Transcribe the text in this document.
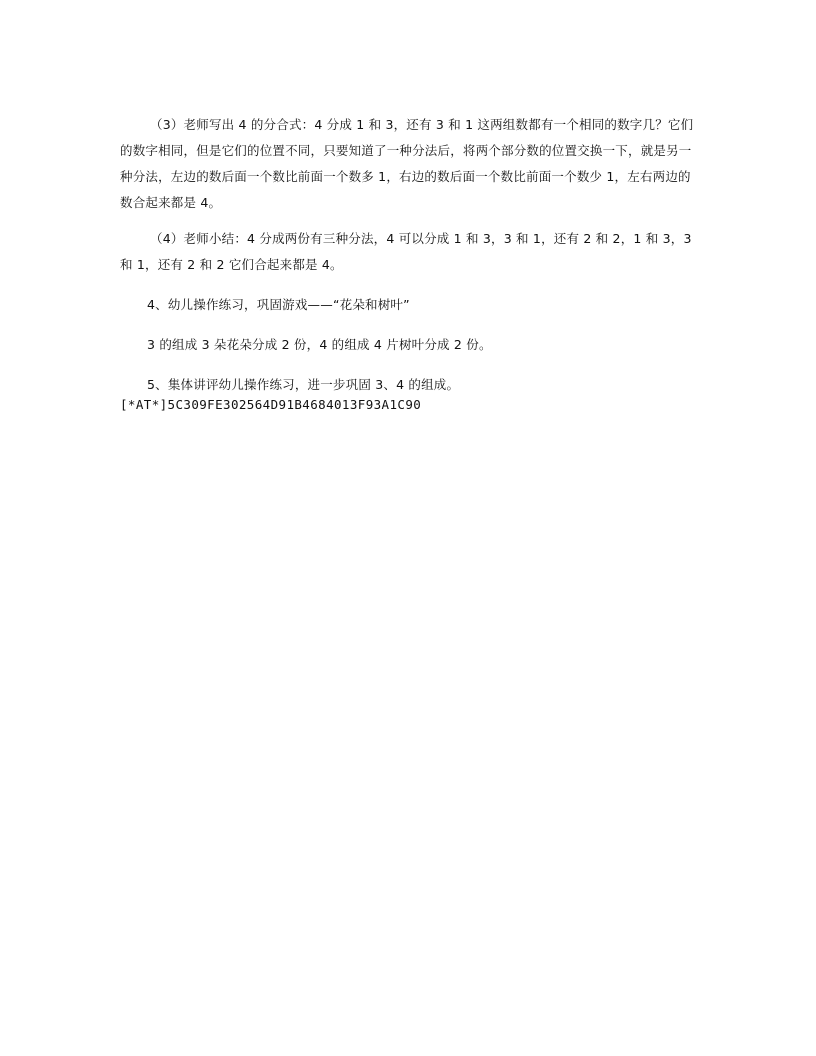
（3）老师写出 4 的分合式：4 分成 1 和 3，还有 3 和 1 这两组数都有一个相同的数字几？它们的数字相同，但是它们的位置不同，只要知道了一种分法后，将两个部分数的位置交换一下，就是另一种分法，左边的数后面一个数比前面一个数多 1，右边的数后面一个数比前面一个数少 1，左右两边的数合起来都是 4。

（4）老师小结：4 分成两份有三种分法，4 可以分成 1 和 3，3 和 1，还有 2 和 2，1 和 3，3 和 1，还有 2 和 2 它们合起来都是 4。

4、幼儿操作练习，巩固游戏——“花朵和树叶”

3 的组成 3 朵花朵分成 2 份，4 的组成 4 片树叶分成 2 份。

5、集体讲评幼儿操作练习，进一步巩固 3、4 的组成。

[*AT*]5C309FE302564D91B4684013F93A1C90
